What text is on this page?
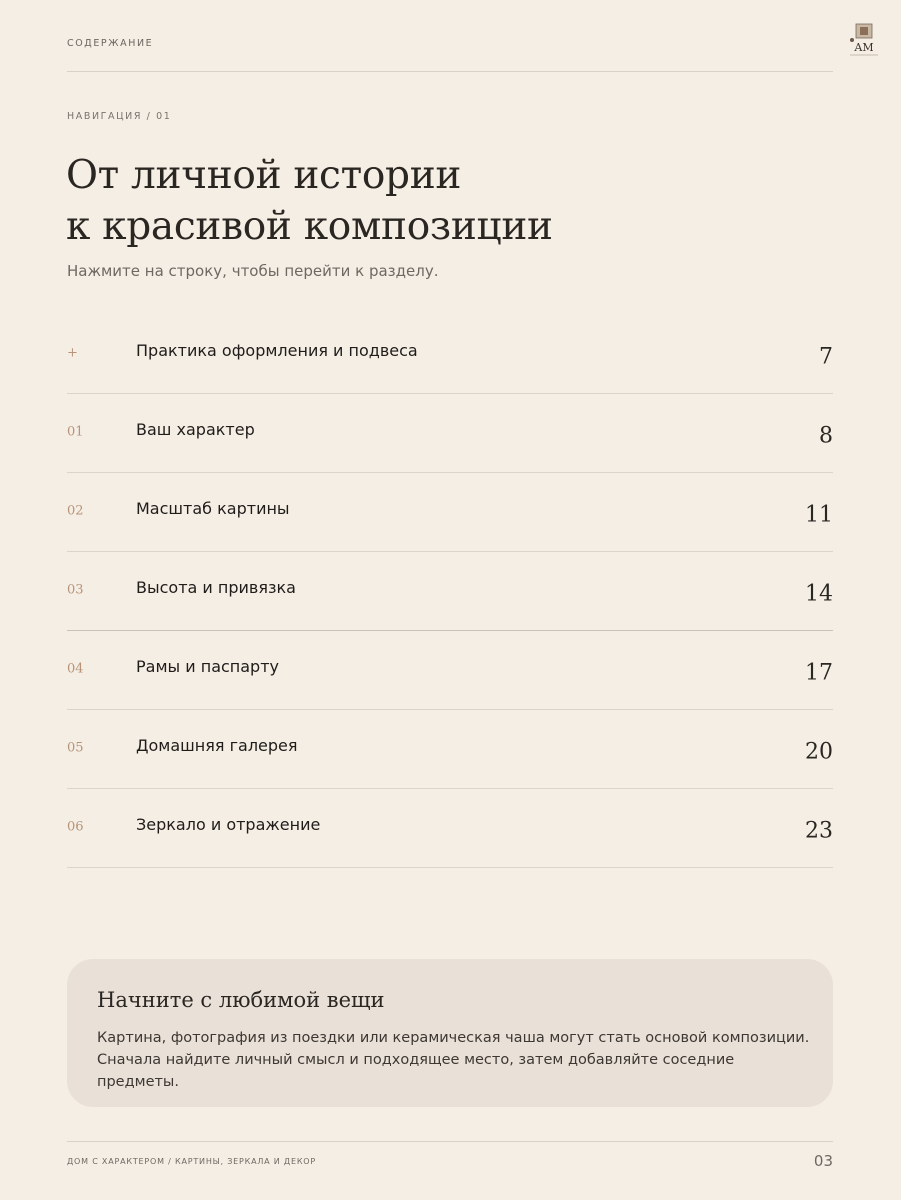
СОДЕРЖАНИЕ	AM
НАВИГАЦИЯ / 01
От личной истории
к красивой композиции
Нажмите на строку, чтобы перейти к разделу.
+	Практика оформления и подвеса	7
01	Ваш характер	8
02	Масштаб картины	11
03	Высота и привязка	14
04	Рамы и паспарту	17
05	Домашняя галерея	20
06	Зеркало и отражение	23
Начните с любимой вещи
Картина, фотография из поездки или керамическая чаша могут стать основой композиции. Сначала найдите личный смысл и подходящее место, затем добавляйте соседние предметы.
ДОМ С ХАРАКТЕРОМ / КАРТИНЫ, ЗЕРКАЛА И ДЕКОР	03
